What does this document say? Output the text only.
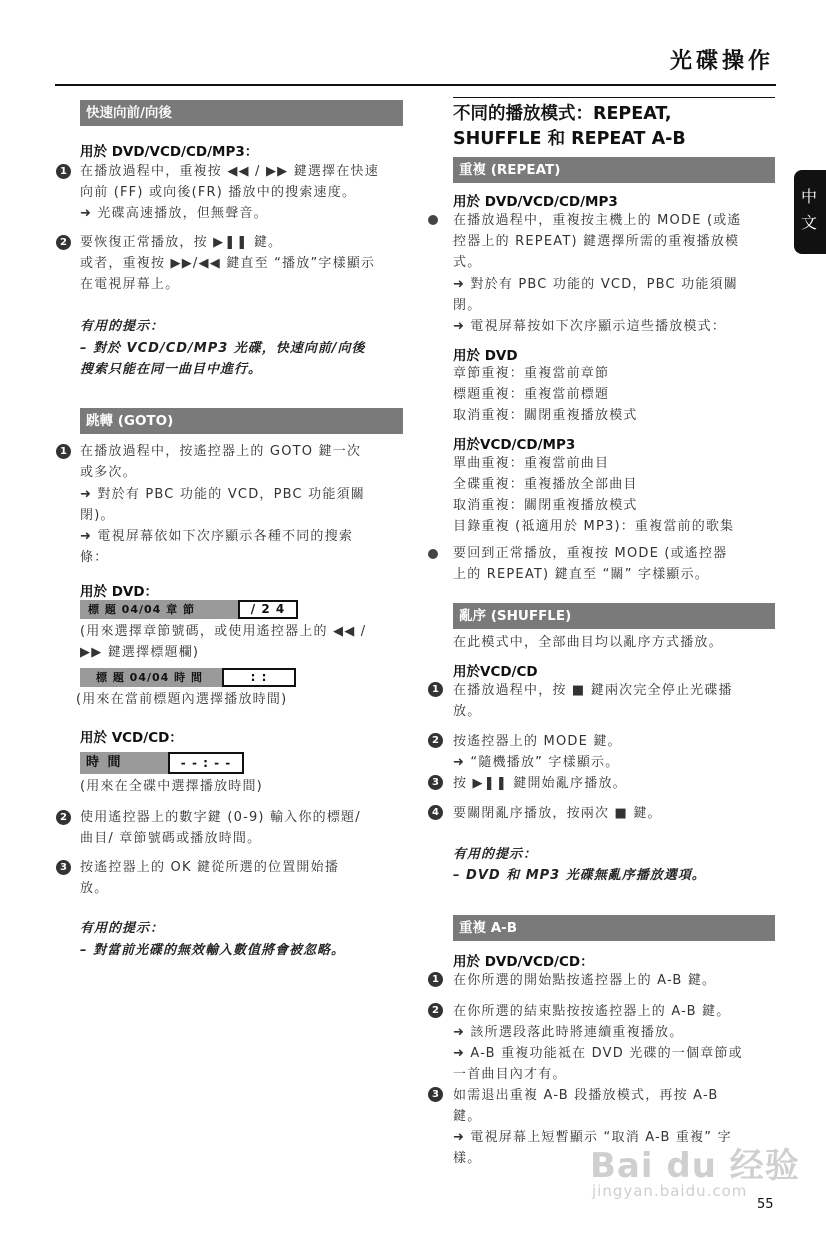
光碟操作
中文
快速向前/向後
用於 DVD/VCD/CD/MP3：
1	在播放過程中，重複按 ◀◀ / ▶▶ 鍵選擇在快速
向前 (FF) 或向後(FR) 播放中的搜索速度。
➜ 光碟高速播放，但無聲音。
2	要恢復正常播放，按 ▶❚❚ 鍵。
或者，重複按 ▶▶/◀◀ 鍵直至 “播放”字樣顯示
在電視屏幕上。
有用的提示：
– 對於 VCD/CD/MP3 光碟，快速向前/向後
搜索只能在同一曲目中進行。
跳轉 (GOTO)
1	在播放過程中，按遙控器上的 GOTO 鍵一次
或多次。
➜ 對於有 PBC 功能的 VCD，PBC 功能須關
閉)。
➜ 電視屏幕依如下次序顯示各種不同的搜索
條：
用於 DVD：
標 題 04/04 章 節	/ 2 4
(用來選擇章節號碼，或使用遙控器上的 ◀◀ /
▶▶ 鍵選擇標題欄)
標 題 04/04 時 間	: :
(用來在當前標題內選擇播放時間)
用於 VCD/CD：
時 間	- - : - -
(用來在全碟中選擇播放時間)
2	使用遙控器上的數字鍵 (0-9) 輸入你的標題/
曲目/ 章節號碼或播放時間。
3	按遙控器上的 OK 鍵從所選的位置開始播
放。
有用的提示：
– 對當前光碟的無效輸入數值將會被忽略。
不同的播放模式：REPEAT,
SHUFFLE 和 REPEAT A-B
重複 (REPEAT)
用於 DVD/VCD/CD/MP3
在播放過程中，重複按主機上的 MODE (或遙
控器上的 REPEAT) 鍵選擇所需的重複播放模
式。
➜ 對於有 PBC 功能的 VCD，PBC 功能須關
閉。
➜ 電視屏幕按如下次序顯示這些播放模式：
用於 DVD
章節重複：重複當前章節
標題重複：重複當前標題
取消重複：關閉重複播放模式
用於VCD/CD/MP3
單曲重複：重複當前曲目
全碟重複：重複播放全部曲目
取消重複：關閉重複播放模式
目錄重複 (祗適用於 MP3)：重複當前的歌集
要回到正常播放，重複按 MODE (或遙控器
上的 REPEAT) 鍵直至 “關” 字樣顯示。
亂序 (SHUFFLE)
在此模式中，全部曲目均以亂序方式播放。
用於VCD/CD
1	在播放過程中，按 ■ 鍵兩次完全停止光碟播
放。
2	按遙控器上的 MODE 鍵。
➜ “隨機播放” 字樣顯示。
3	按 ▶❚❚ 鍵開始亂序播放。
4	要關閉亂序播放，按兩次 ■ 鍵。
有用的提示：
– DVD 和 MP3 光碟無亂序播放選項。
重複 A-B
用於 DVD/VCD/CD：
1	在你所選的開始點按遙控器上的 A-B 鍵。
2	在你所選的結束點按按遙控器上的 A-B 鍵。
➜ 該所選段落此時將連續重複播放。
➜ A-B 重複功能祗在 DVD 光碟的一個章節或
一首曲目內才有。
3	如需退出重複 A-B 段播放模式，再按 A-B
鍵。
➜ 電視屏幕上短暫顯示 “取消 A-B 重複” 字
樣。	Bai du 经验
jingyan.baidu.com
55
